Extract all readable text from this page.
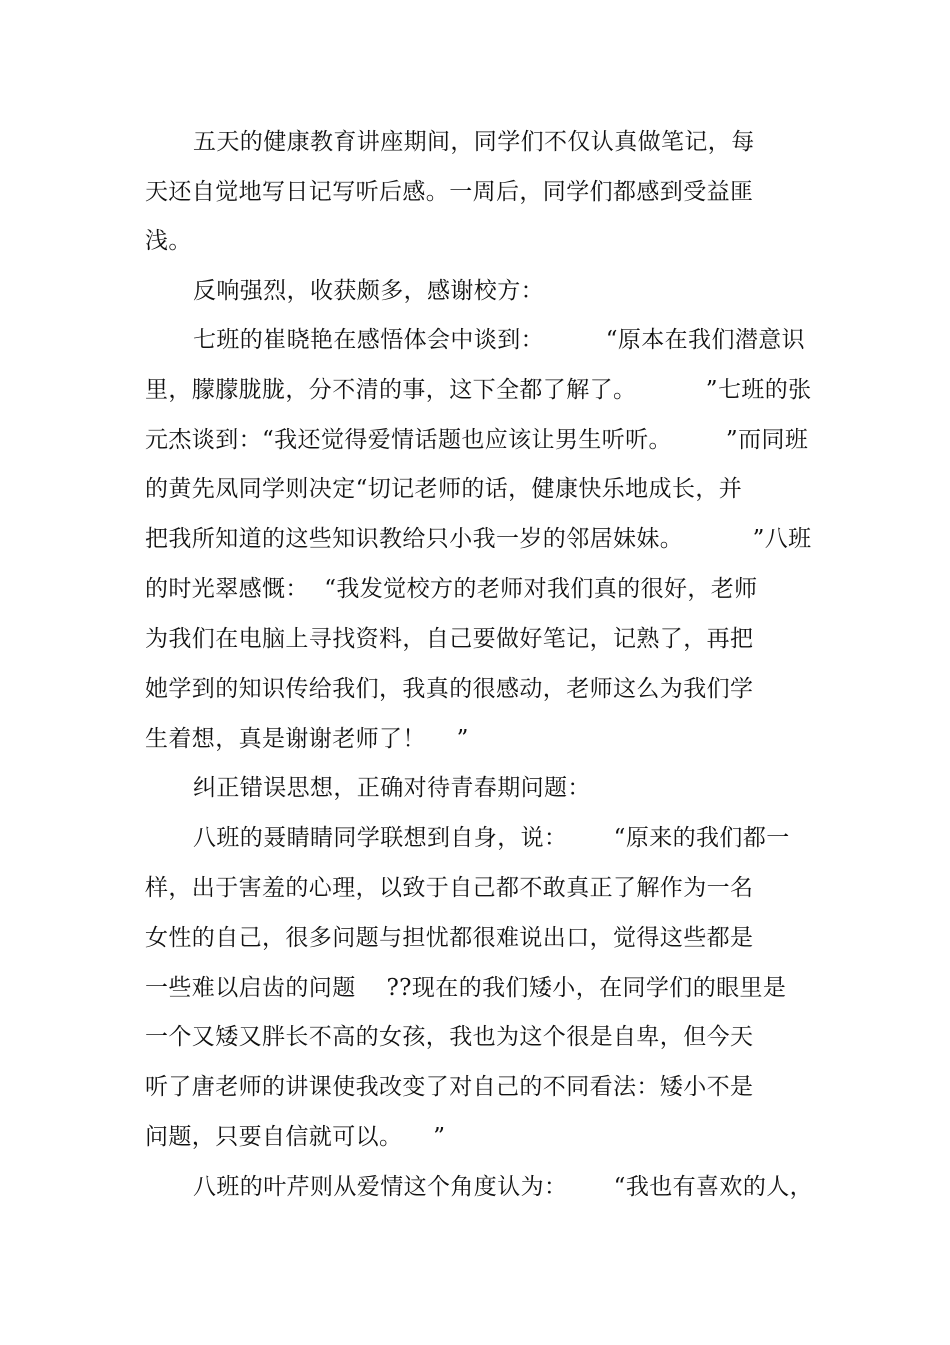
五天的健康教育讲座期间，同学们不仅认真做笔记，每
天还自觉地写日记写听后感。一周后，同学们都感到受益匪
浅。
反响强烈，收获颇多，感谢校方：
七班的崔晓艳在感悟体会中谈到：        “原本在我们潜意识
里，朦朦胧胧，分不清的事，这下全都了解了。         ”七班的张
元杰谈到：“我还觉得爱情话题也应该让男生听听。       ”而同班
的黄先凤同学则决定“切记老师的话，健康快乐地成长，并
把我所知道的这些知识教给只小我一岁的邻居妹妹。         ”八班
的时光翠感慨：  “我发觉校方的老师对我们真的很好，老师
为我们在电脑上寻找资料，自己要做好笔记，记熟了，再把
她学到的知识传给我们，我真的很感动，老师这么为我们学
生着想，真是谢谢老师了！    ”
纠正错误思想，正确对待青春期问题：
八班的聂睛睛同学联想到自身，说：      “原来的我们都一
样，出于害羞的心理，以致于自己都不敢真正了解作为一名
女性的自己，很多问题与担忧都很难说出口，觉得这些都是
一些难以启齿的问题    ??现在的我们矮小，在同学们的眼里是
一个又矮又胖长不高的女孩，我也为这个很是自卑，但今天
听了唐老师的讲课使我改变了对自己的不同看法：矮小不是
问题，只要自信就可以。    ”
八班的叶芹则从爱情这个角度认为：      “我也有喜欢的人，
